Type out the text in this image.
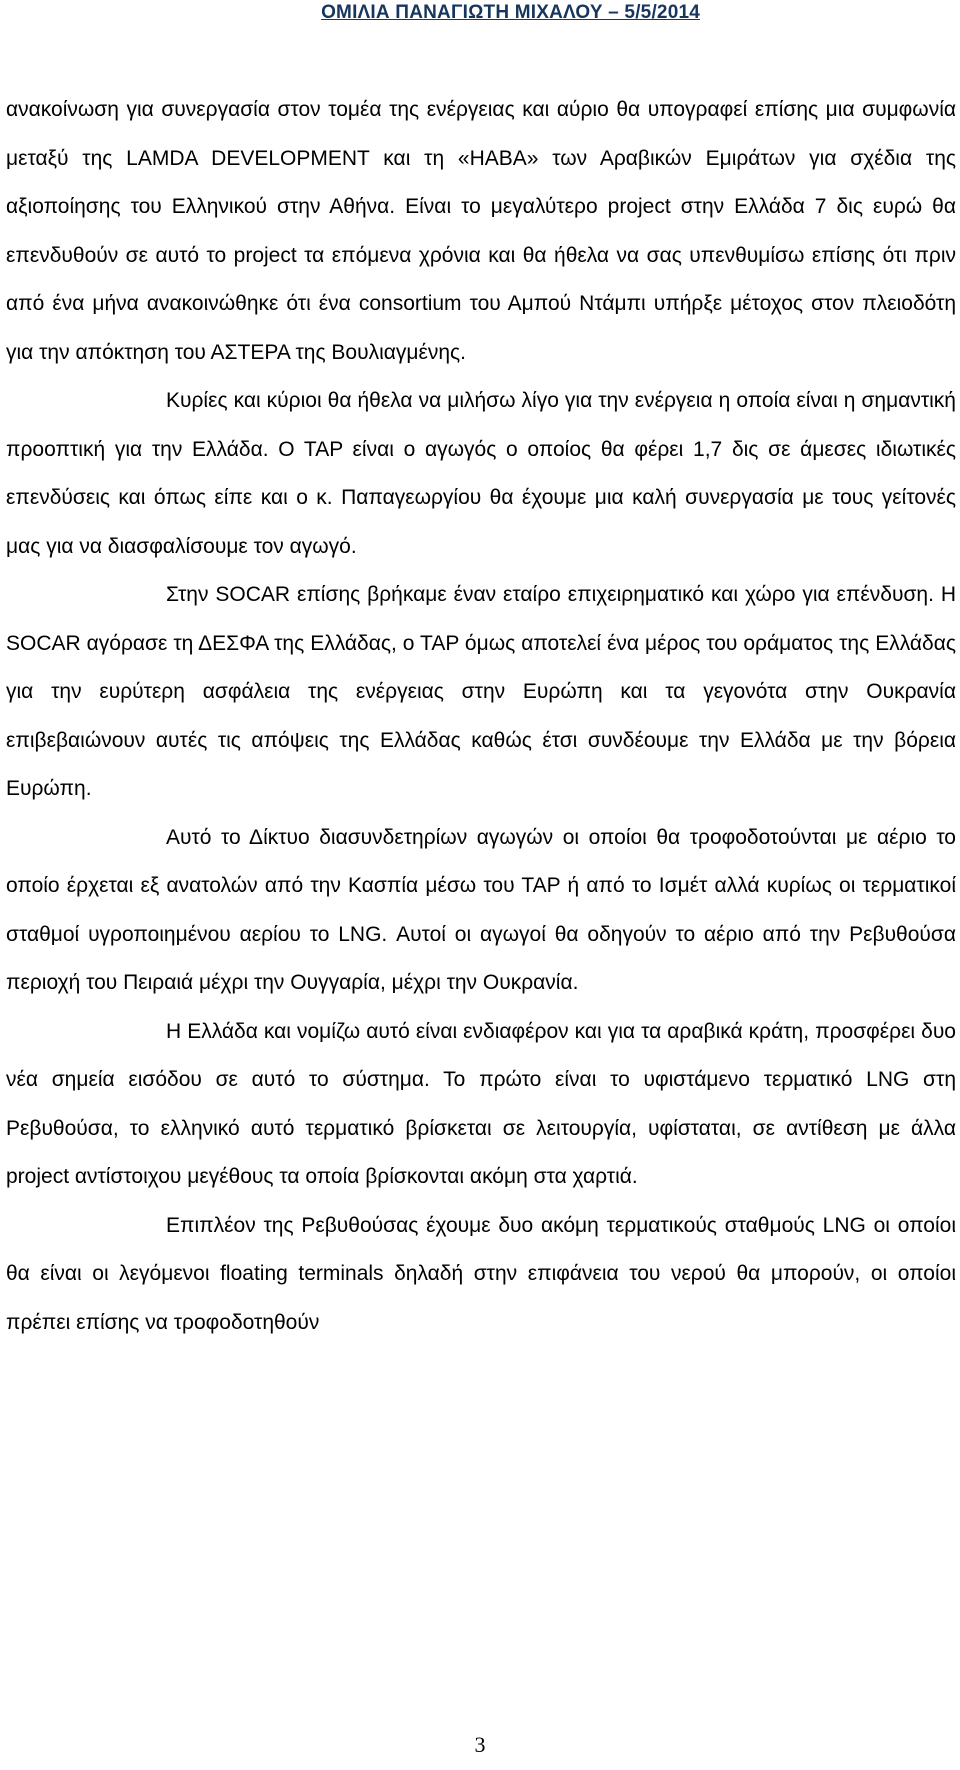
ΟΜΙΛΙΑ ΠΑΝΑΓΙΩΤΗ ΜΙΧΑΛΟΥ – 5/5/2014

ανακοίνωση για συνεργασία στον τομέα της ενέργειας και αύριο θα υπογραφεί επίσης μια συμφωνία μεταξύ της LAMDA DEVELOPMENT και τη «ΗΑΒΑ» των Αραβικών Εμιράτων για σχέδια της αξιοποίησης του Ελληνικού στην Αθήνα. Είναι το μεγαλύτερο project στην Ελλάδα 7 δις ευρώ θα επενδυθούν σε αυτό το project τα επόμενα χρόνια και θα ήθελα να σας υπενθυμίσω επίσης ότι πριν από ένα μήνα ανακοινώθηκε ότι ένα consortium του Αμπού Ντάμπι υπήρξε μέτοχος στον πλειοδότη για την απόκτηση του ΑΣΤΕΡΑ της Βουλιαγμένης.

Κυρίες και κύριοι θα ήθελα να μιλήσω λίγο για την ενέργεια η οποία είναι η σημαντική προοπτική για την Ελλάδα. Ο ΤΑΡ είναι ο αγωγός ο οποίος θα φέρει 1,7 δις σε άμεσες ιδιωτικές επενδύσεις και όπως είπε και ο κ. Παπαγεωργίου θα έχουμε μια καλή συνεργασία με τους γείτονές μας για να διασφαλίσουμε τον αγωγό.

Στην SOCAR επίσης βρήκαμε έναν εταίρο επιχειρηματικό και χώρο για επένδυση. Η SOCAR αγόρασε τη ΔΕΣΦΑ της Ελλάδας, ο ΤΑΡ όμως αποτελεί ένα μέρος του οράματος της Ελλάδας για την ευρύτερη ασφάλεια της ενέργειας στην Ευρώπη και τα γεγονότα στην Ουκρανία επιβεβαιώνουν αυτές τις απόψεις της Ελλάδας καθώς έτσι συνδέουμε την Ελλάδα με την βόρεια Ευρώπη.

Αυτό το Δίκτυο διασυνδετηρίων αγωγών οι οποίοι θα τροφοδοτούνται με αέριο το οποίο έρχεται εξ ανατολών από την Κασπία μέσω του ΤΑΡ ή από το Ισμέτ αλλά κυρίως οι τερματικοί σταθμοί υγροποιημένου αερίου το LNG. Αυτοί οι αγωγοί θα οδηγούν το αέριο από την Ρεβυθούσα περιοχή του Πειραιά μέχρι την Ουγγαρία, μέχρι την Ουκρανία.

Η Ελλάδα και νομίζω αυτό είναι ενδιαφέρον και για τα αραβικά κράτη, προσφέρει δυο νέα σημεία εισόδου σε αυτό το σύστημα. Το πρώτο είναι το υφιστάμενο τερματικό LNG στη Ρεβυθούσα, το ελληνικό αυτό τερματικό βρίσκεται σε λειτουργία, υφίσταται, σε αντίθεση με άλλα project αντίστοιχου μεγέθους τα οποία βρίσκονται ακόμη στα χαρτιά.

Επιπλέον της Ρεβυθούσας έχουμε δυο ακόμη τερματικούς σταθμούς LNG οι οποίοι θα είναι οι λεγόμενοι floating terminals δηλαδή στην επιφάνεια του νερού θα μπορούν, οι οποίοι πρέπει επίσης να τροφοδοτηθούν

3
